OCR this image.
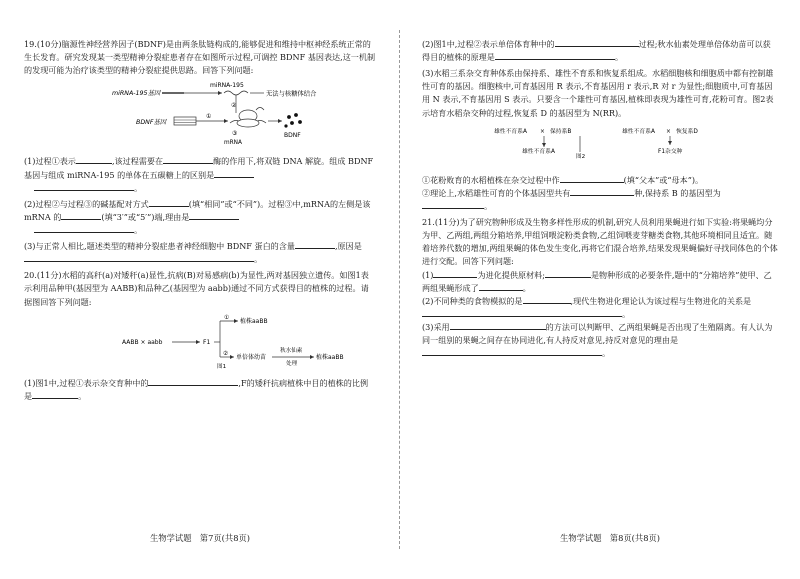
19.(10分)脑源性神经营养因子(BDNF)是由两条肽链构成的,能够促进和维持中枢神经系统正常的生长发育。研究发现某一类型精神分裂症患者存在如图所示过程,可调控 BDNF 基因表达,这一机制的发现可能为治疗该类型的精神分裂症提供思路。回答下列问题:

miRNA-195基因
miRNA-195
无法与核糖体结合
②
BDNF基因
①
③
mRNA
BDNF

(1)过程①表示	,该过程需要在	酶的作用下,将双链 DNA 解旋。组成 BDNF 基因与组成 miRNA-195 的单体在五碳糖上的区别是
。

(2)过程②与过程③的碱基配对方式	(填“相同”或“不同”)。过程③中,mRNA的左侧是该 mRNA 的	(填“3′”或“5′”)端,理由是
。

(3)与正常人相比,题述类型的精神分裂症患者神经细胞中 BDNF 蛋白的含量	,原因是。

20.(11分)水稻的高秆(a)对矮秆(a)显性,抗病(B)对易感病(b)为显性,两对基因独立遗传。如图1表示利用品种甲(基因型为 AABB)和品种乙(基因型为 aabb)通过不同方式获得目的植株的过程。请据图回答下列问题:

AABB × aabb	F1
① 植株aaBB
② 单倍体幼苗
秋水仙素
处理
植株aaBB
图1

(1)图1中,过程①表示杂交育种中的	,F的矮秆抗病植株中目的植株的比例是	。

生物学试题　第7页(共8页)

(2)图1中,过程②表示单倍体育种中的	过程;秋水仙素处理单倍体幼苗可以获得目的植株的原理是	。

(3)水稻三系杂交育种体系由保持系、雄性不育系和恢复系组成。水稻细胞核和细胞质中都有控制雄性可育的基因。细胞核中,可育基因用 R 表示,不育基因用 r 表示,R 对 r 为显性;细胞质中,可育基因用 N 表示,不育基因用 S 表示。只要含一个雄性可育基因,植株即表现为雄性可育,花粉可育。图2表示培育水稻杂交种的过程,恢复系 D 的基因型为 N(RR)。

雄性不育系A × 保持系B
雄性不育系A
图2
雄性不育系A × 恢复系D
F1杂交种

①花粉败育的水稻植株在杂交过程中作	(填“父本”或“母本”)。

②理论上,水稻雄性可育的个体基因型共有	种,保持系 B 的基因型为。

21.(11分)为了研究物种形成及生物多样性形成的机制,研究人员利用果蝇进行如下实验:将果蝇均分为甲、乙两组,两组分箱培养,甲组饲喂淀粉类食物,乙组饲喂麦芽糖类食物,其他环境相同且适宜。随着培养代数的增加,两组果蝇的体色发生变化,再将它们混合培养,结果发现果蝇偏好寻找同体色的个体进行交配。回答下列问题:

(1)	为进化提供原材料;	是物种形成的必要条件,题中的“分箱培养”使甲、乙两组果蝇形成了	。

(2)不同种类的食物模拟的是	,现代生物进化理论认为该过程与生物进化的关系是。

(3)采用	的方法可以判断甲、乙两组果蝇是否出现了生殖隔离。有人认为同一组别的果蝇之间存在协同进化,有人持反对意见,持反对意见的理由是。

生物学试题　第8页(共8页)
